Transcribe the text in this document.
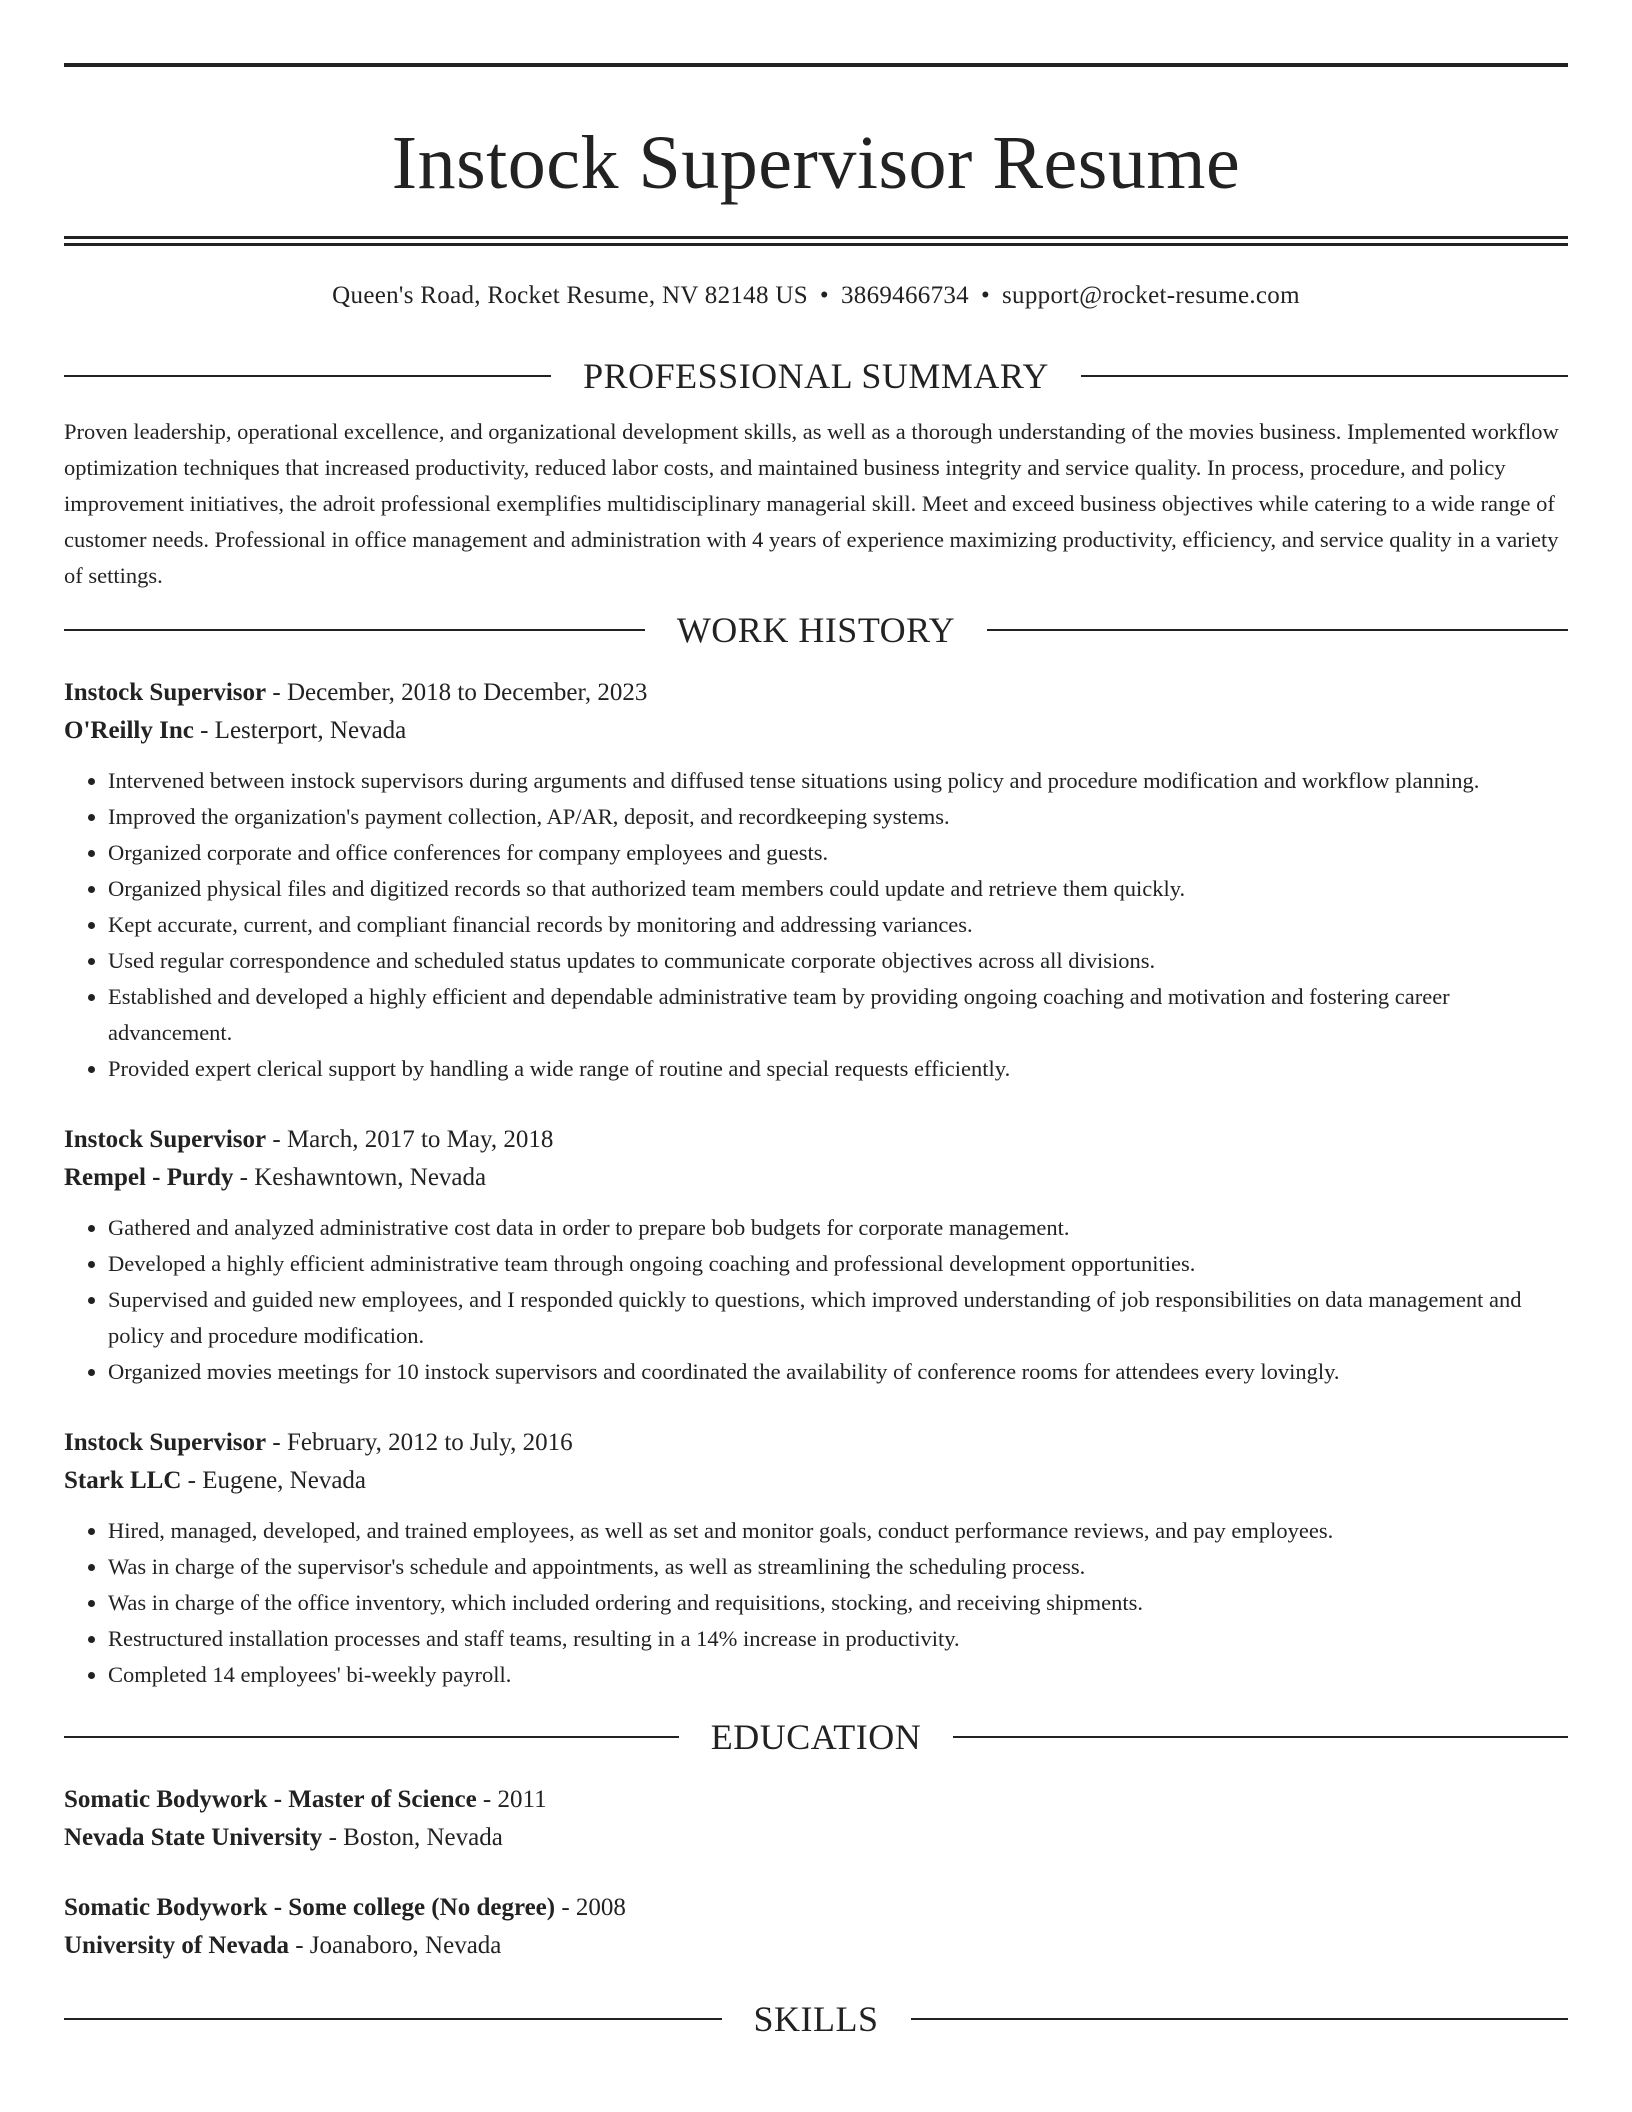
Instock Supervisor Resume
Queen's Road, Rocket Resume, NV 82148 US • 3869466734 • support@rocket-resume.com
PROFESSIONAL SUMMARY
Proven leadership, operational excellence, and organizational development skills, as well as a thorough understanding of the movies business. Implemented workflow optimization techniques that increased productivity, reduced labor costs, and maintained business integrity and service quality. In process, procedure, and policy improvement initiatives, the adroit professional exemplifies multidisciplinary managerial skill. Meet and exceed business objectives while catering to a wide range of customer needs. Professional in office management and administration with 4 years of experience maximizing productivity, efficiency, and service quality in a variety of settings.
WORK HISTORY
Instock Supervisor - December, 2018 to December, 2023
O'Reilly Inc - Lesterport, Nevada
• Intervened between instock supervisors during arguments and diffused tense situations using policy and procedure modification and workflow planning.
• Improved the organization's payment collection, AP/AR, deposit, and recordkeeping systems.
• Organized corporate and office conferences for company employees and guests.
• Organized physical files and digitized records so that authorized team members could update and retrieve them quickly.
• Kept accurate, current, and compliant financial records by monitoring and addressing variances.
• Used regular correspondence and scheduled status updates to communicate corporate objectives across all divisions.
• Established and developed a highly efficient and dependable administrative team by providing ongoing coaching and motivation and fostering career advancement.
• Provided expert clerical support by handling a wide range of routine and special requests efficiently.
Instock Supervisor - March, 2017 to May, 2018
Rempel - Purdy - Keshawntown, Nevada
• Gathered and analyzed administrative cost data in order to prepare bob budgets for corporate management.
• Developed a highly efficient administrative team through ongoing coaching and professional development opportunities.
• Supervised and guided new employees, and I responded quickly to questions, which improved understanding of job responsibilities on data management and policy and procedure modification.
• Organized movies meetings for 10 instock supervisors and coordinated the availability of conference rooms for attendees every lovingly.
Instock Supervisor - February, 2012 to July, 2016
Stark LLC - Eugene, Nevada
• Hired, managed, developed, and trained employees, as well as set and monitor goals, conduct performance reviews, and pay employees.
• Was in charge of the supervisor's schedule and appointments, as well as streamlining the scheduling process.
• Was in charge of the office inventory, which included ordering and requisitions, stocking, and receiving shipments.
• Restructured installation processes and staff teams, resulting in a 14% increase in productivity.
• Completed 14 employees' bi-weekly payroll.
EDUCATION
Somatic Bodywork - Master of Science - 2011
Nevada State University - Boston, Nevada
Somatic Bodywork - Some college (No degree) - 2008
University of Nevada - Joanaboro, Nevada
SKILLS
